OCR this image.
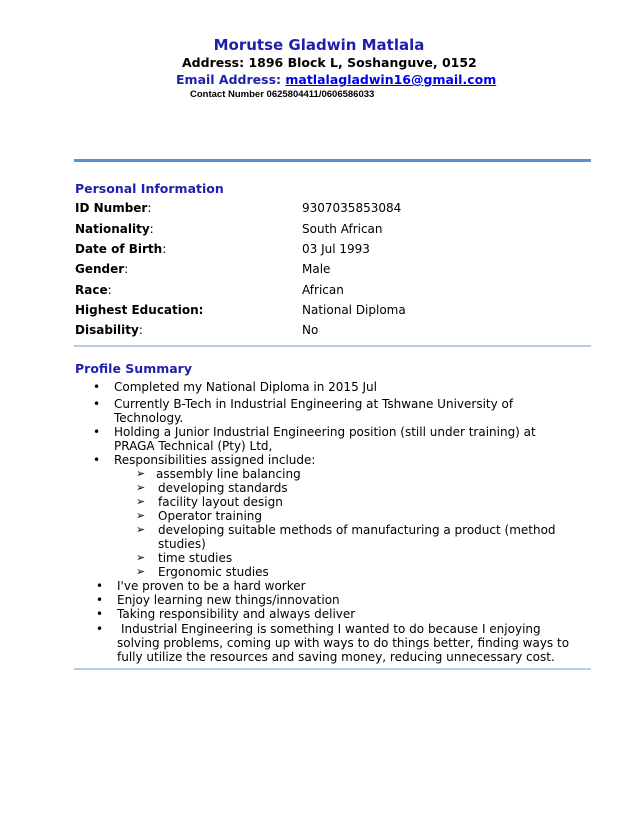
Morutse Gladwin Matlala
Address: 1896 Block L, Soshanguve, 0152
Email Address: matlalagladwin16@gmail.com
Contact Number 0625804411/0606586033
Personal Information
ID Number:	9307035853084
Nationality:	South African
Date of Birth:	03 Jul 1993
Gender:	Male
Race:	African
Highest Education:	National Diploma
Disability:	No
Profile Summary
• Completed my National Diploma in 2015 Jul
• Currently B-Tech in Industrial Engineering at Tshwane University of
Technology.
• Holding a Junior Industrial Engineering position (still under training) at
PRAGA Technical (Pty) Ltd,
• Responsibilities assigned include:
➢ assembly line balancing
➢ developing standards
➢ facility layout design
➢ Operator training
➢ developing suitable methods of manufacturing a product (method
studies)
➢ time studies
➢ Ergonomic studies
• I've proven to be a hard worker
• Enjoy learning new things/innovation
• Taking responsibility and always deliver
• Industrial Engineering is something I wanted to do because I enjoying
solving problems, coming up with ways to do things better, finding ways to
fully utilize the resources and saving money, reducing unnecessary cost.
